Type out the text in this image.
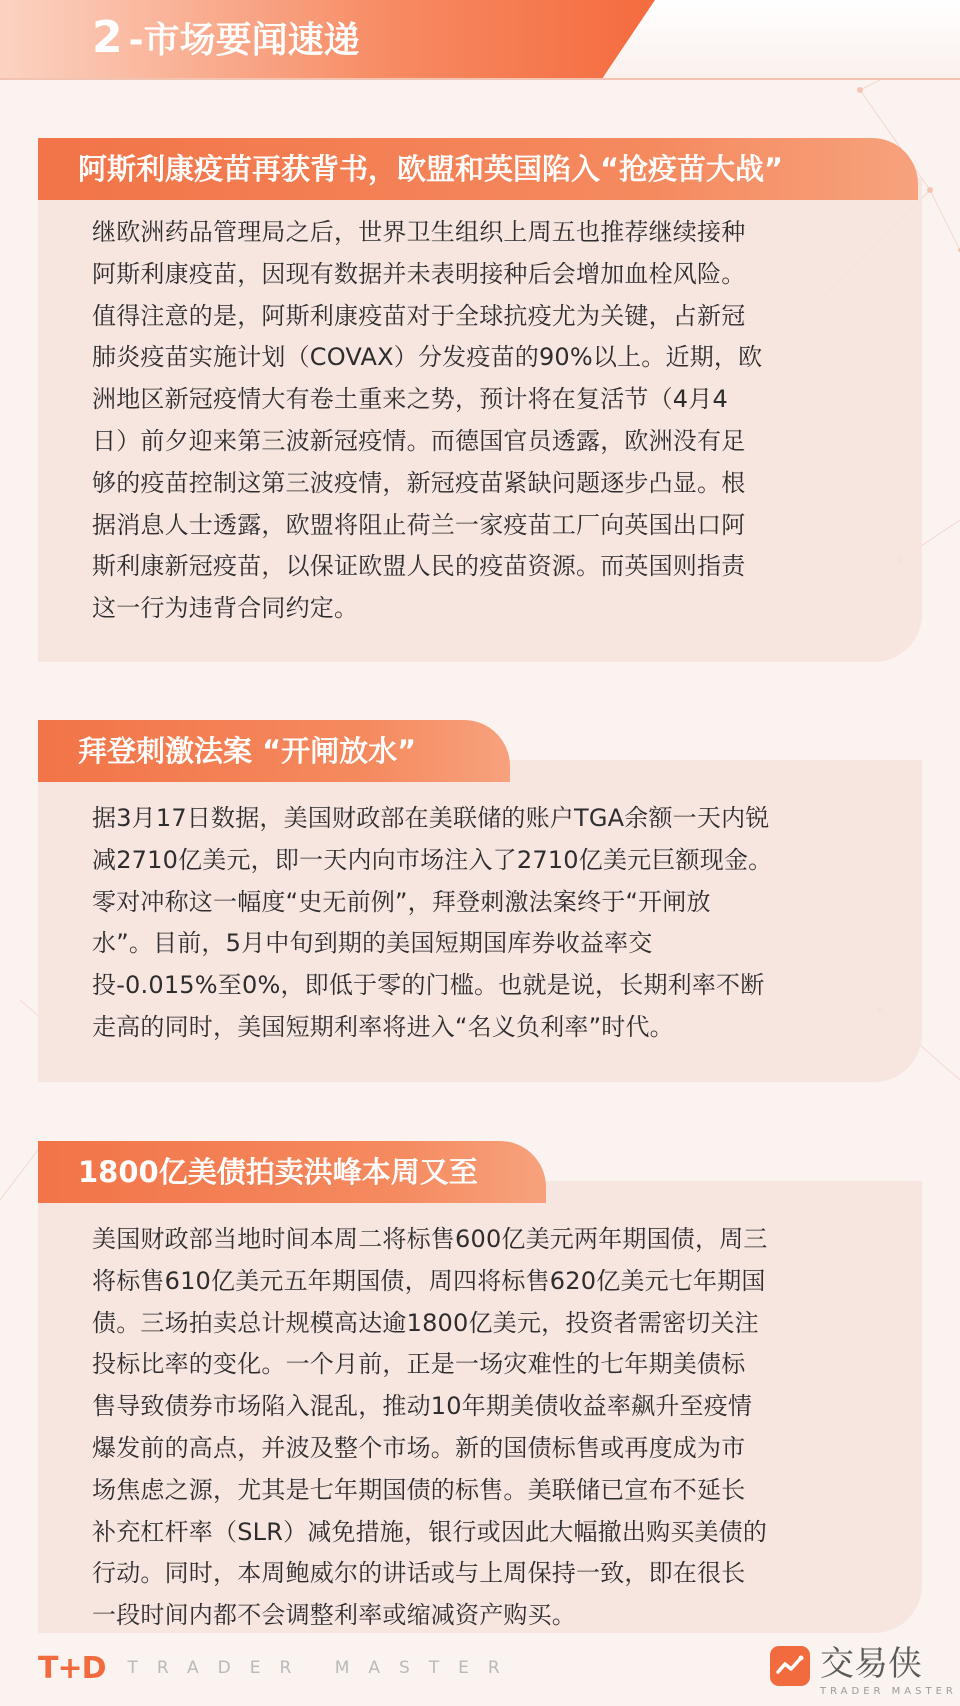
2 -市场要闻速递
阿斯利康疫苗再获背书，欧盟和英国陷入“抢疫苗大战”
继欧洲药品管理局之后，世界卫生组织上周五也推荐继续接种
阿斯利康疫苗，因现有数据并未表明接种后会增加血栓风险。
值得注意的是，阿斯利康疫苗对于全球抗疫尤为关键，占新冠
肺炎疫苗实施计划（COVAX）分发疫苗的90%以上。近期，欧
洲地区新冠疫情大有卷土重来之势，预计将在复活节（4月4
日）前夕迎来第三波新冠疫情。而德国官员透露，欧洲没有足
够的疫苗控制这第三波疫情，新冠疫苗紧缺问题逐步凸显。根
据消息人士透露，欧盟将阻止荷兰一家疫苗工厂向英国出口阿
斯利康新冠疫苗，以保证欧盟人民的疫苗资源。而英国则指责
这一行为违背合同约定。
拜登刺激法案 “开闸放水”
据3月17日数据，美国财政部在美联储的账户TGA余额一天内锐
减2710亿美元，即一天内向市场注入了2710亿美元巨额现金。
零对冲称这一幅度“史无前例”，拜登刺激法案终于“开闸放
水”。目前，5月中旬到期的美国短期国库券收益率交
投-0.015%至0%，即低于零的门槛。也就是说，长期利率不断
走高的同时，美国短期利率将进入“名义负利率”时代。
1800亿美债拍卖洪峰本周又至
美国财政部当地时间本周二将标售600亿美元两年期国债，周三
将标售610亿美元五年期国债，周四将标售620亿美元七年期国
债。三场拍卖总计规模高达逾1800亿美元，投资者需密切关注
投标比率的变化。一个月前，正是一场灾难性的七年期美债标
售导致债券市场陷入混乱，推动10年期美债收益率飙升至疫情
爆发前的高点，并波及整个市场。新的国债标售或再度成为市
场焦虑之源，尤其是七年期国债的标售。美联储已宣布不延长
补充杠杆率（SLR）减免措施，银行或因此大幅撤出购买美债的
行动。同时，本周鲍威尔的讲话或与上周保持一致，即在很长
一段时间内都不会调整利率或缩减资产购买。
T+D TRADER MASTER	交易侠
TRADER MASTER
